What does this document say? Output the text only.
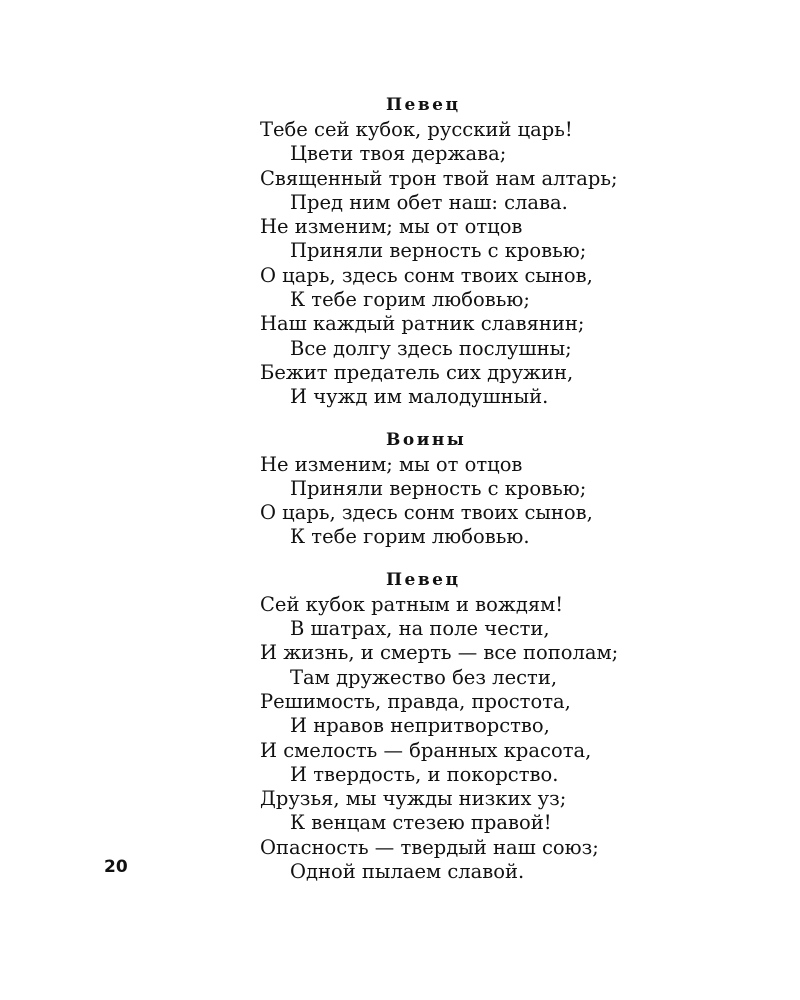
Певец
Тебе сей кубок, русский царь!
Цвети твоя держава;
Священный трон твой нам алтарь;
Пред ним обет наш: слава.
Не изменим; мы от отцов
Приняли верность с кровью;
О царь, здесь сонм твоих сынов,
К тебе горим любовью;
Наш каждый ратник славянин;
Все долгу здесь послушны;
Бежит предатель сих дружин,
И чужд им малодушный.
Воины
Не изменим; мы от отцов
Приняли верность с кровью;
О царь, здесь сонм твоих сынов,
К тебе горим любовью.
Певец
Сей кубок ратным и вождям!
В шатрах, на поле чести,
И жизнь, и смерть — все пополам;
Там дружество без лести,
Решимость, правда, простота,
И нравов непритворство,
И смелость — бранных красота,
И твердость, и покорство.
Друзья, мы чужды низких уз;
К венцам стезею правой!
Опасность — твердый наш союз;
Одной пылаем славой.
20
